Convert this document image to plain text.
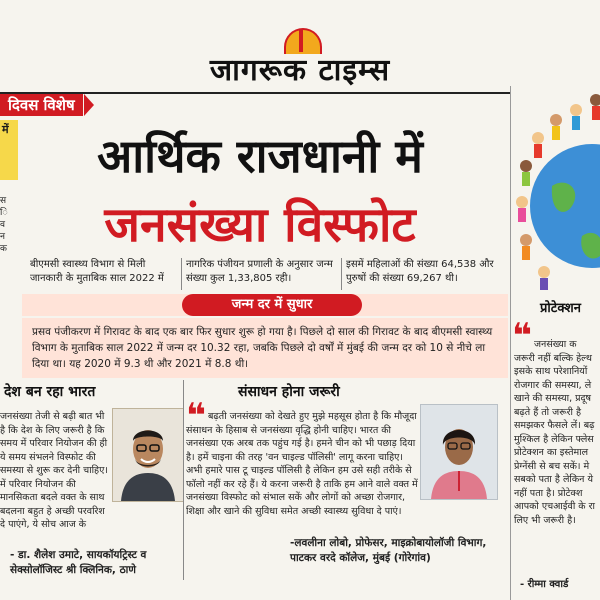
जागरूक टाइम्स
दिवस विशेष
में
स
ि
व
न
क
आर्थिक राजधानी में
जनसंख्या विस्फोट
बीएमसी स्वास्थ्य विभाग से मिली जानकारी के मुताबिक साल 2022 में
नागरिक पंजीयन प्रणाली के अनुसार जन्म संख्या कुल 1,33,805 रही।
इसमें महिलाओं की संख्या 64,538 और पुरुषों की संख्या 69,267 थी।
जन्म दर में सुधार
प्रसव पंजीकरण में गिरावट के बाद एक बार फिर सुधार शुरू हो गया है। पिछले दो साल की गिरावट के बाद बीएमसी स्वास्थ्य विभाग के मुताबिक साल 2022 में जन्म दर 10.32 रहा, जबकि पिछले दो वर्षों में मुंबई की जन्म दर को 10 से नीचे ला दिया था। यह 2020 में 9.3 थी और 2021 में 8.8 थी।
देश बन रहा भारत
जनसंख्या तेजी से बढ़ी बात भी है कि देश के लिए जरूरी है कि समय में परिवार नियोजन की ही ये समय संभलने विस्फोट की समस्या से शुरू कर देनी चाहिए। में परिवार नियोजन की मानसिकता बदले वक्त के साथ बदलना बहुत हे अच्छी परवरिश दे पाएंगे, ये सोच आज के
- डा. शैलेश उमाटे, सायकॉयट्रिस्ट व सेक्सोलॉजिस्ट श्री क्लिनिक, ठाणे
संसाधन होना जरूरी
❝ बढ़ती जनसंख्या को देखते हुए मुझे महसूस होता है कि मौजूदा संसाधन के हिसाब से जनसंख्या वृद्धि होनी चाहिए। भारत की जनसंख्या एक अरब तक पहुंच गई है। हमने चीन को भी पछाड़ दिया है। हमें चाइना की तरह 'वन चाइल्ड पॉलिसी' लागू करना चाहिए। अभी हमारे पास टू चाइल्ड पॉलिसी है लेकिन हम उसे सही तरीके से फॉलो नहीं कर रहे हैं। ये करना जरूरी है ताकि हम आने वाले वक्त में जनसंख्या विस्फोट को संभाल सकें और लोगों को अच्छा रोजगार, शिक्षा और खाने की सुविधा समेत अच्छी स्वास्थ्य सुविधा दे पाएं।
-लवलीना लोबो, प्रोफेसर, माइक्रोबायोलॉजी विभाग, पाटकर वरदे कॉलेज, मुंबई (गोरेगांव)
प्रोटेक्शन
❝ जनसंख्या क जरूरी नहीं बल्कि हेल्थ इसके साथ परेशानियों रोजगार की समस्या, ले खाने की समस्या, प्रदूष बढ़ते हैं तो जरूरी है समझकर फैसले लें। बढ़ मुश्किल है लेकिन फ्लेस प्रोटेक्शन का इस्तेमाल प्रेग्नेंसी से बच सकें। मे सबको पता है लेकिन ये नहीं पता है। प्रोटेक्श आपको एचआईवी के रा लिए भी जरूरी है।
- रीम्मा क्वार्ड
